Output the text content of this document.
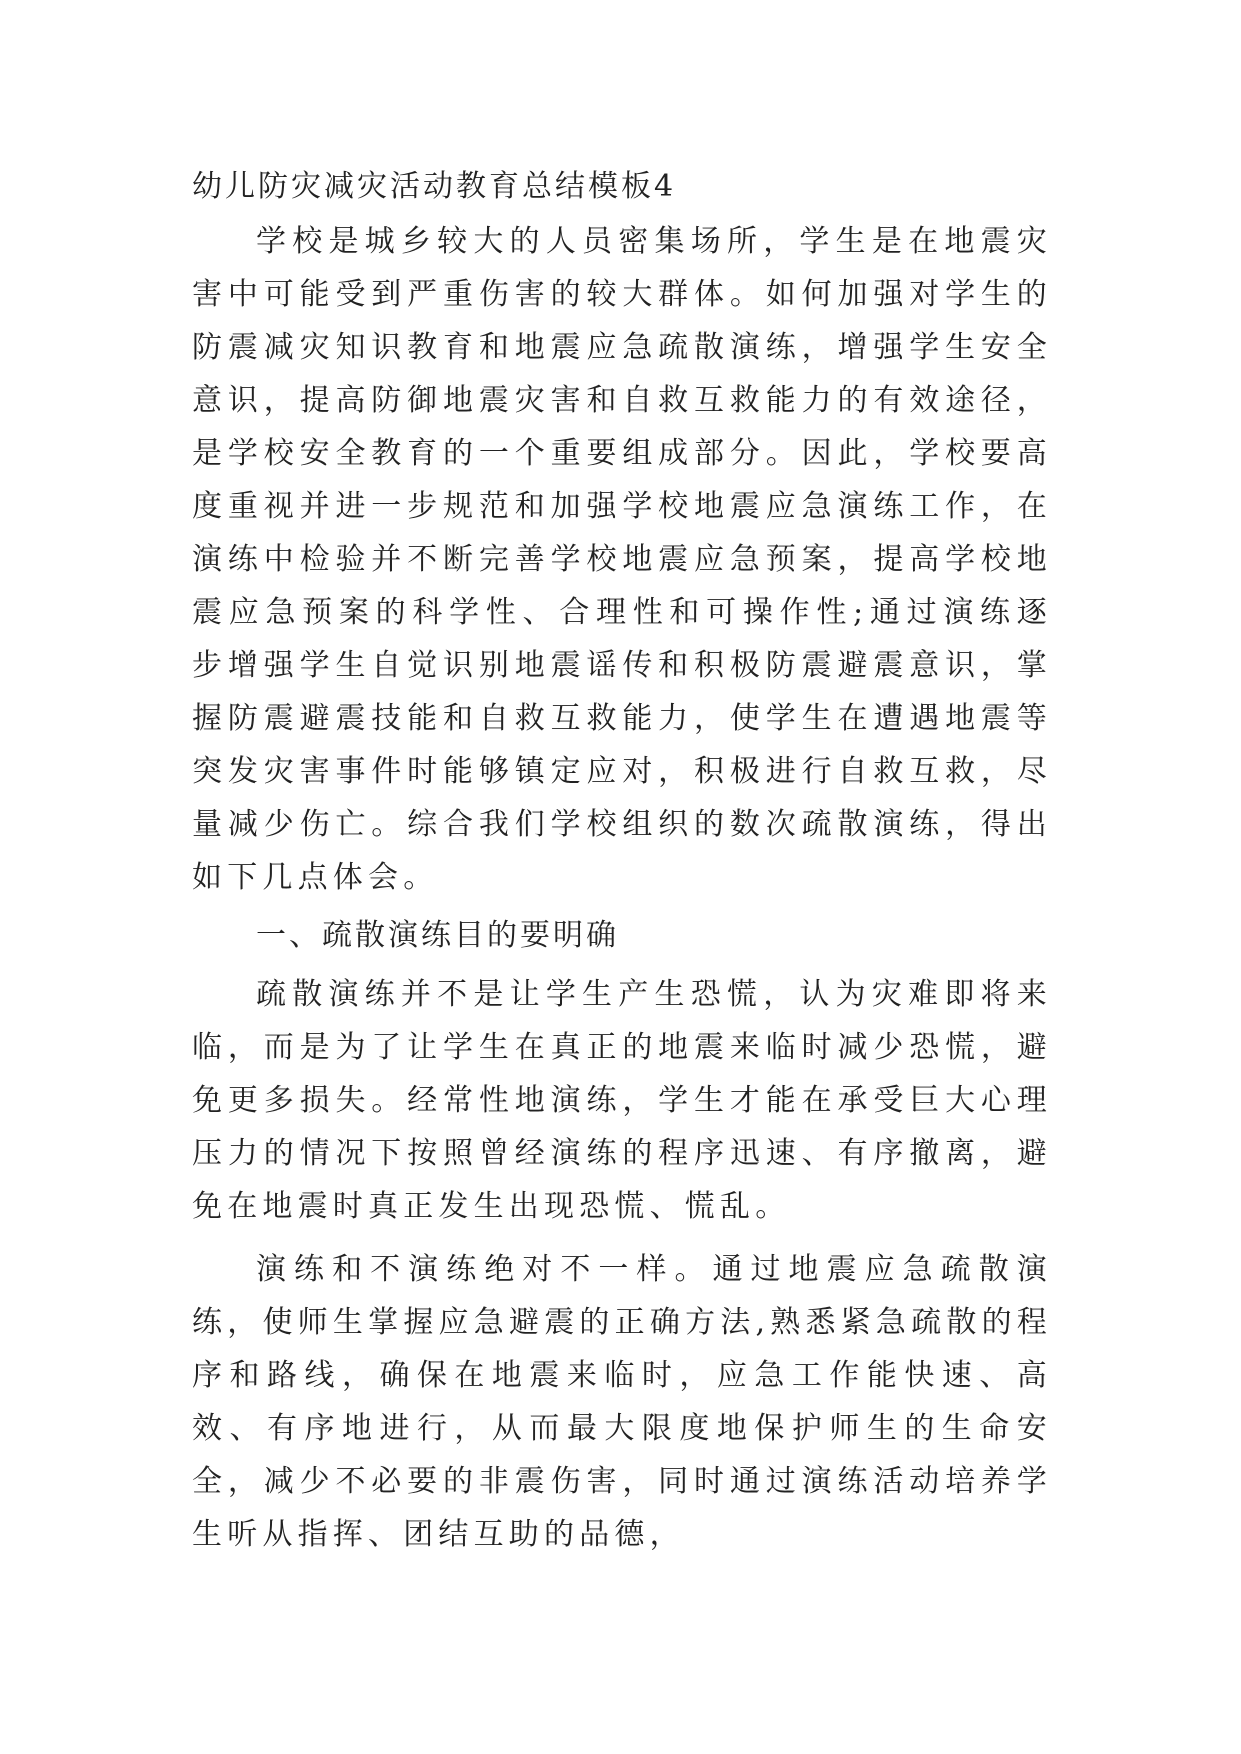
幼儿防灾减灾活动教育总结模板4

学校是城乡较大的人员密集场所，学生是在地震灾害中可能受到严重伤害的较大群体。如何加强对学生的防震减灾知识教育和地震应急疏散演练，增强学生安全意识，提高防御地震灾害和自救互救能力的有效途径，是学校安全教育的一个重要组成部分。因此，学校要高度重视并进一步规范和加强学校地震应急演练工作，在演练中检验并不断完善学校地震应急预案，提高学校地震应急预案的科学性、合理性和可操作性;通过演练逐步增强学生自觉识别地震谣传和积极防震避震意识，掌握防震避震技能和自救互救能力，使学生在遭遇地震等突发灾害事件时能够镇定应对，积极进行自救互救，尽量减少伤亡。综合我们学校组织的数次疏散演练，得出如下几点体会。

一、疏散演练目的要明确

疏散演练并不是让学生产生恐慌，认为灾难即将来临，而是为了让学生在真正的地震来临时减少恐慌，避免更多损失。经常性地演练，学生才能在承受巨大心理压力的情况下按照曾经演练的程序迅速、有序撤离，避免在地震时真正发生出现恐慌、慌乱。

演练和不演练绝对不一样。通过地震应急疏散演练，使师生掌握应急避震的正确方法,熟悉紧急疏散的程序和路线，确保在地震来临时，应急工作能快速、高效、有序地进行，从而最大限度地保护师生的生命安全，减少不必要的非震伤害，同时通过演练活动培养学生听从指挥、团结互助的品德，
